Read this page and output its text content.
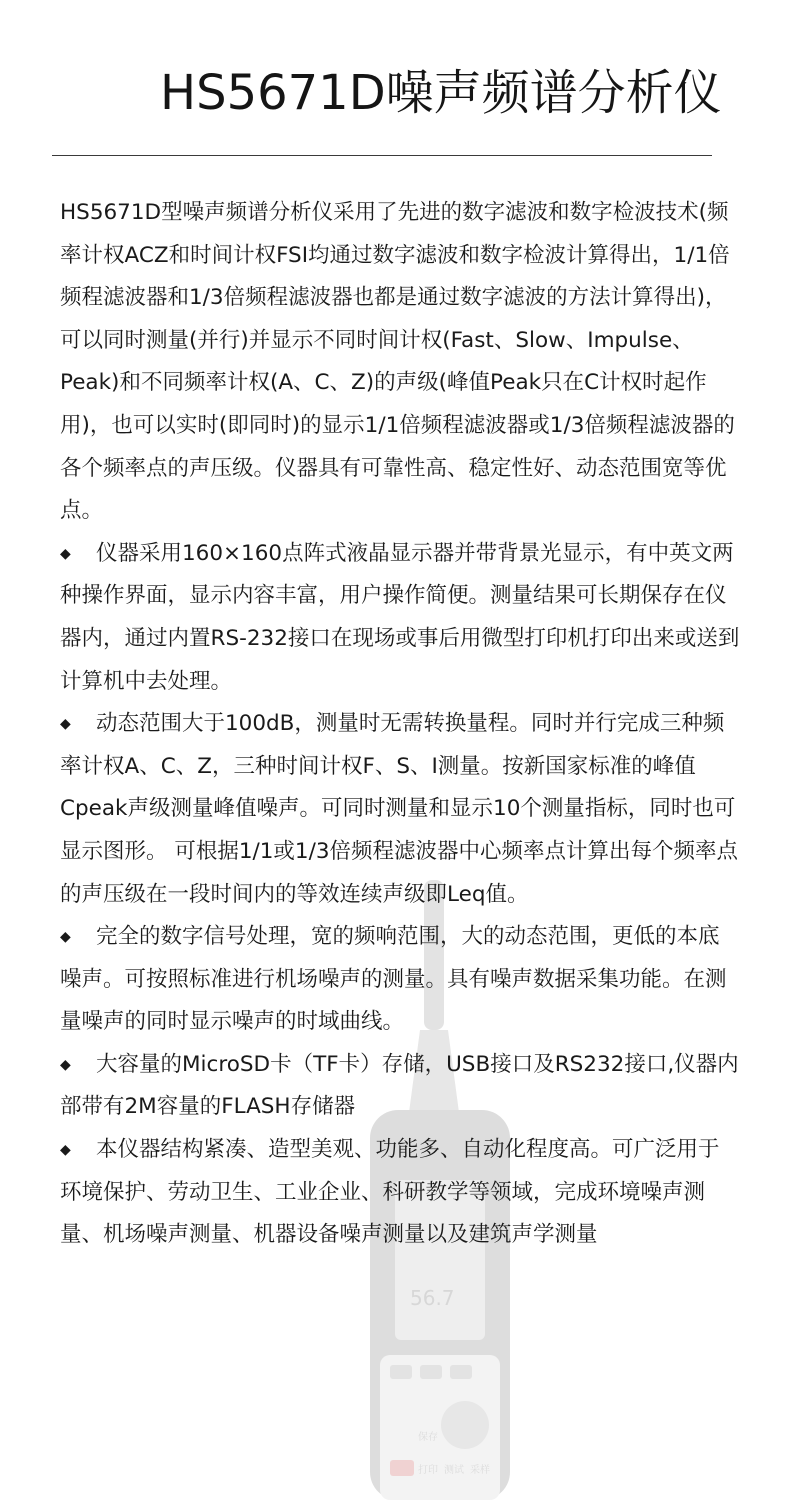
56.7
打印 测试 采样
保存
HS5671D噪声频谱分析仪

HS5671D型噪声频谱分析仪采用了先进的数字滤波和数字检波技术(频率计权ACZ和时间计权FSI均通过数字滤波和数字检波计算得出，1/1倍频程滤波器和1/3倍频程滤波器也都是通过数字滤波的方法计算得出)，可以同时测量(并行)并显示不同时间计权(Fast、Slow、Impulse、Peak)和不同频率计权(A、C、Z)的声级(峰值Peak只在C计权时起作用)，也可以实时(即同时)的显示1/1倍频程滤波器或1/3倍频程滤波器的各个频率点的声压级。仪器具有可靠性高、稳定性好、动态范围宽等优点。

◆ 仪器采用160×160点阵式液晶显示器并带背景光显示，有中英文两种操作界面，显示内容丰富，用户操作简便。测量结果可长期保存在仪器内，通过内置RS-232接口在现场或事后用微型打印机打印出来或送到计算机中去处理。

◆ 动态范围大于100dB，测量时无需转换量程。同时并行完成三种频率计权A、C、Z，三种时间计权F、S、I测量。按新国家标准的峰值Cpeak声级测量峰值噪声。可同时测量和显示10个测量指标，同时也可显示图形。 可根据1/1或1/3倍频程滤波器中心频率点计算出每个频率点的声压级在一段时间内的等效连续声级即Leq值。

◆ 完全的数字信号处理，宽的频响范围，大的动态范围，更低的本底噪声。可按照标准进行机场噪声的测量。具有噪声数据采集功能。在测量噪声的同时显示噪声的时域曲线。

◆ 大容量的MicroSD卡（TF卡）存储，USB接口及RS232接口,仪器内部带有2M容量的FLASH存储器

◆ 本仪器结构紧凑、造型美观、功能多、自动化程度高。可广泛用于环境保护、劳动卫生、工业企业、科研教学等领域，完成环境噪声测量、机场噪声测量、机器设备噪声测量以及建筑声学测量
